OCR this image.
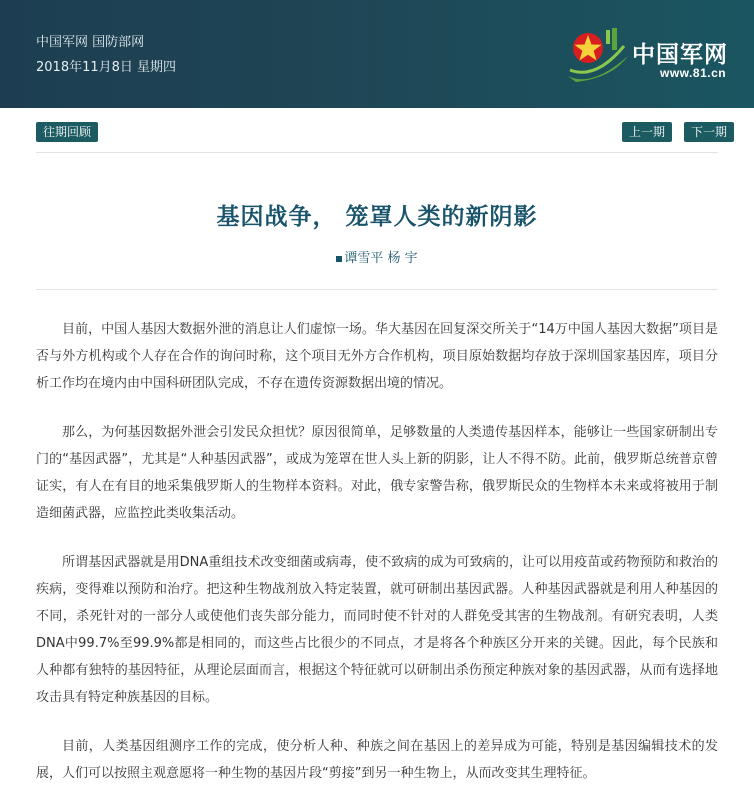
中国军网 国防部网
2018年11月8日 星期四	中国军网
www.81.cn
往期回顾	上一期	下一期
基因战争， 笼罩人类的新阴影
谭雪平 杨 宇

目前，中国人基因大数据外泄的消息让人们虚惊一场。华大基因在回复深交所关于“14万中国人基因大数据”项目是否与外方机构或个人存在合作的询问时称，这个项目无外方合作机构，项目原始数据均存放于深圳国家基因库，项目分析工作均在境内由中国科研团队完成，不存在遗传资源数据出境的情况。

那么，为何基因数据外泄会引发民众担忧？原因很简单，足够数量的人类遗传基因样本，能够让一些国家研制出专门的“基因武器”，尤其是“人种基因武器”，或成为笼罩在世人头上新的阴影，让人不得不防。此前，俄罗斯总统普京曾证实，有人在有目的地采集俄罗斯人的生物样本资料。对此，俄专家警告称，俄罗斯民众的生物样本未来或将被用于制造细菌武器，应监控此类收集活动。

所谓基因武器就是用DNA重组技术改变细菌或病毒，使不致病的成为可致病的，让可以用疫苗或药物预防和救治的疾病，变得难以预防和治疗。把这种生物战剂放入特定装置，就可研制出基因武器。人种基因武器就是利用人种基因的不同，杀死针对的一部分人或使他们丧失部分能力，而同时使不针对的人群免受其害的生物战剂。有研究表明，人类DNA中99.7%至99.9%都是相同的，而这些占比很少的不同点，才是将各个种族区分开来的关键。因此，每个民族和人种都有独特的基因特征，从理论层面而言，根据这个特征就可以研制出杀伤预定种族对象的基因武器，从而有选择地攻击具有特定种族基因的目标。

目前，人类基因组测序工作的完成，使分析人种、种族之间在基因上的差异成为可能，特别是基因编辑技术的发展，人们可以按照主观意愿将一种生物的基因片段“剪接”到另一种生物上，从而改变其生理特征。
